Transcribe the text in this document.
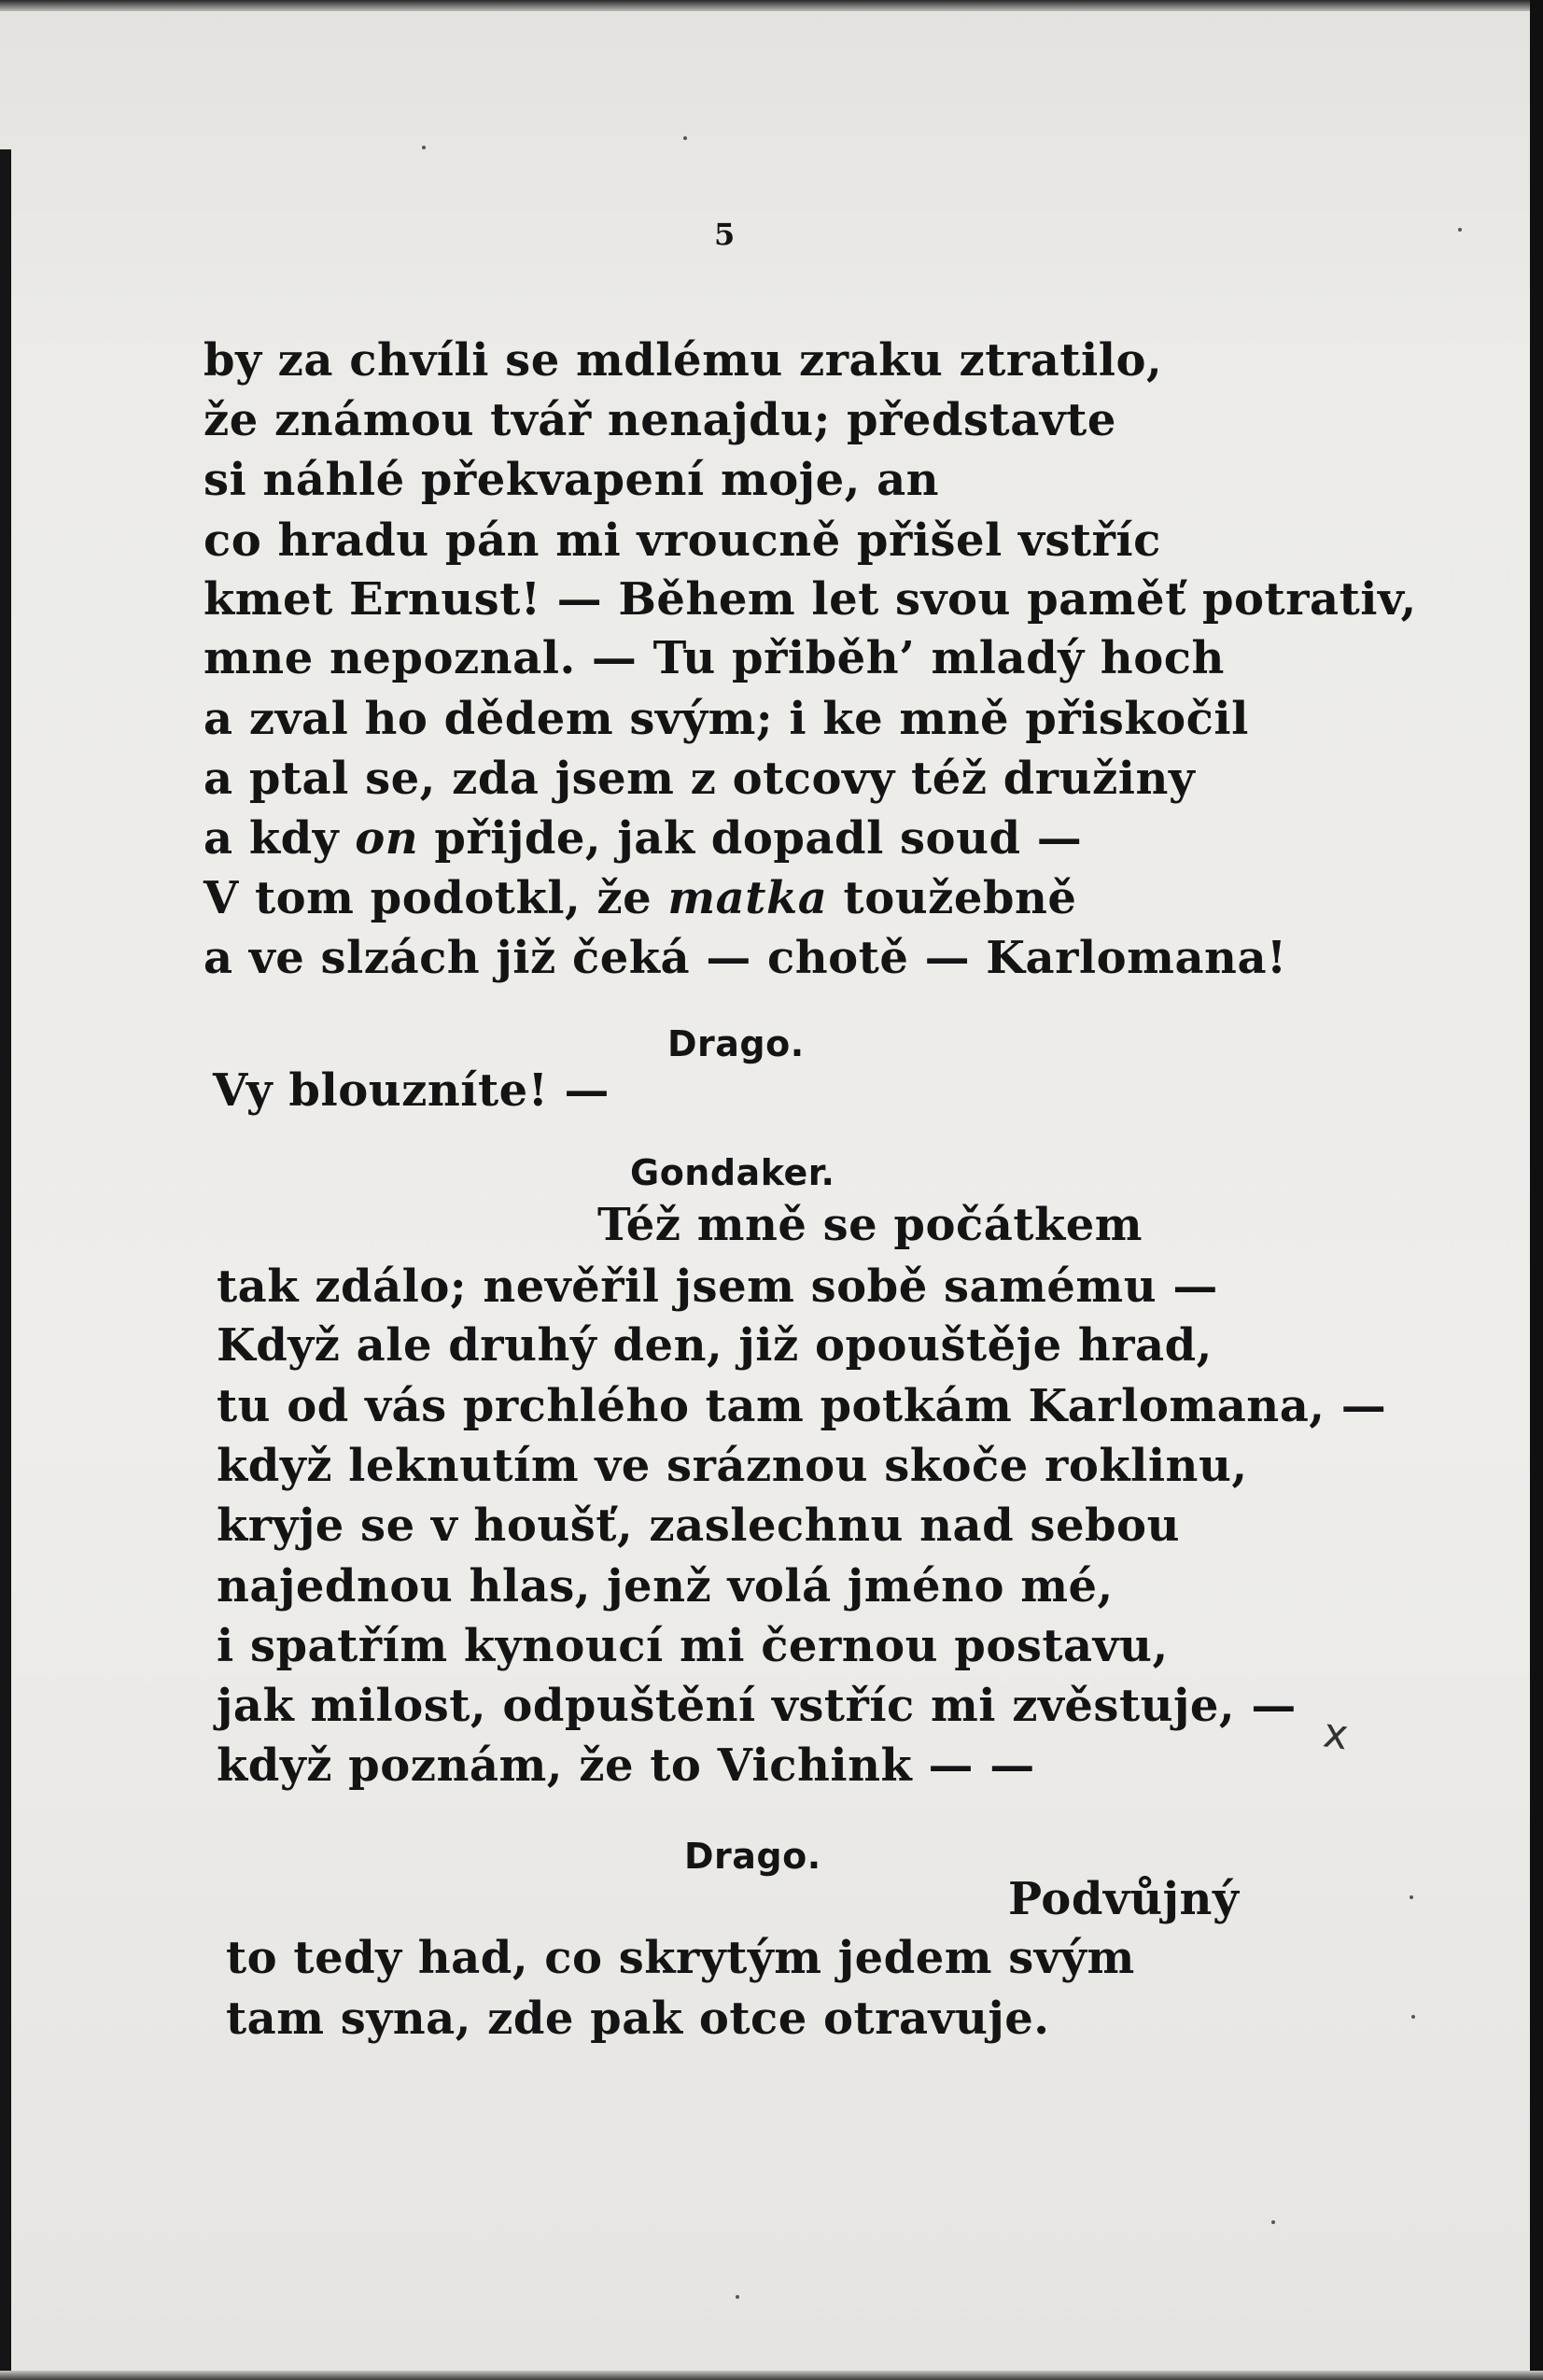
5
by za chvíli se mdlému zraku ztratilo,
že známou tvář nenajdu; představte
si náhlé překvapení moje, an
co hradu pán mi vroucně přišel vstříc
kmet Ernust! — Během let svou paměť potrativ,
mne nepoznal. — Tu přiběh’ mladý hoch
a zval ho dědem svým; i ke mně přiskočil
a ptal se, zda jsem z otcovy též družiny
a kdy on přijde, jak dopadl soud —
V tom podotkl, že matka toužebně
a ve slzách již čeká — chotě — Karlomana!
Drago.
Vy blouzníte! —
Gondaker.
Též mně se počátkem
tak zdálo; nevěřil jsem sobě samému —
Když ale druhý den, již opouštěje hrad,
tu od vás prchlého tam potkám Karlomana, —
když leknutím ve sráznou skoče roklinu,
kryje se v houšť, zaslechnu nad sebou
najednou hlas, jenž volá jméno mé,
i spatřím kynoucí mi černou postavu,
jak milost, odpuštění vstříc mi zvěstuje, —
když poznám, že to Vichink — —
Drago.
Podvůjný
to tedy had, co skrytým jedem svým
tam syna, zde pak otce otravuje.
x
